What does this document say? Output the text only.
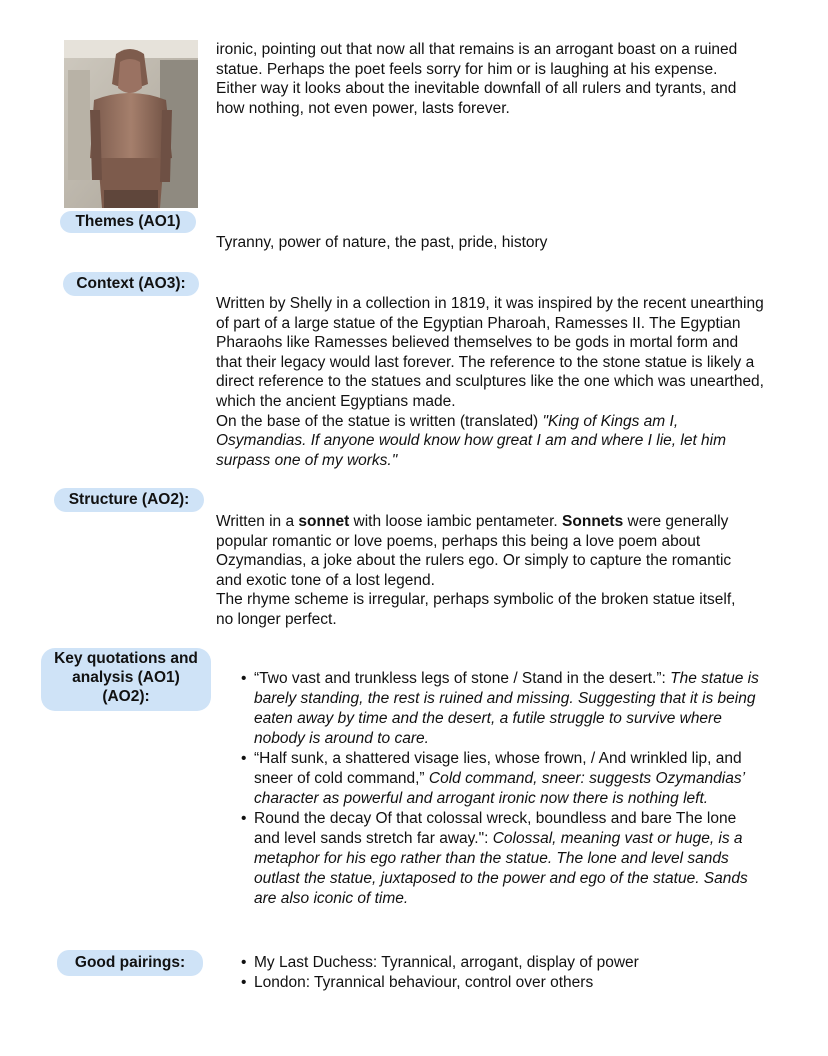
ironic, pointing out that now all that remains is an arrogant boast on a ruined statue. Perhaps the poet feels sorry for him or is laughing at his expense. Either way it looks about the inevitable downfall of all rulers and tyrants, and how nothing, not even power, lasts forever.

Themes (AO1)
Tyranny, power of nature, the past, pride, history
Context (AO3):

Written by Shelly in a collection in 1819, it was inspired by the recent unearthing of part of a large statue of the Egyptian Pharoah, Ramesses II. The Egyptian Pharaohs like Ramesses believed themselves to be gods in mortal form and that their legacy would last forever. The reference to the stone statue is likely a direct reference to the statues and sculptures like the one which was unearthed, which the ancient Egyptians made.

On the base of the statue is written (translated) "King of Kings am I, Osymandias. If anyone would know how great I am and where I lie, let him surpass one of my works."

Structure (AO2):

Written in a sonnet with loose iambic pentameter. Sonnets were generally popular romantic or love poems, perhaps this being a love poem about Ozymandias, a joke about the rulers ego. Or simply to capture the romantic and exotic tone of a lost legend.

The rhyme scheme is irregular, perhaps symbolic of the broken statue itself, no longer perfect.

Key quotations and
analysis (AO1)
(AO2):
• “Two vast and trunkless legs of stone / Stand in the desert.”: The statue is barely standing, the rest is ruined and missing. Suggesting that it is being eaten away by time and the desert, a futile struggle to survive where nobody is around to care.
• “Half sunk, a shattered visage lies, whose frown, / And wrinkled lip, and sneer of cold command,” Cold command, sneer: suggests Ozymandias’ character as powerful and arrogant ironic now there is nothing left.
• Round the decay Of that colossal wreck, boundless and bare The lone and level sands stretch far away.": Colossal, meaning vast or huge, is a metaphor for his ego rather than the statue. The lone and level sands outlast the statue, juxtaposed to the power and ego of the statue. Sands are also iconic of time.
Good pairings:
•	My Last Duchess: Tyrannical, arrogant, display of power
• London: Tyrannical behaviour, control over others
